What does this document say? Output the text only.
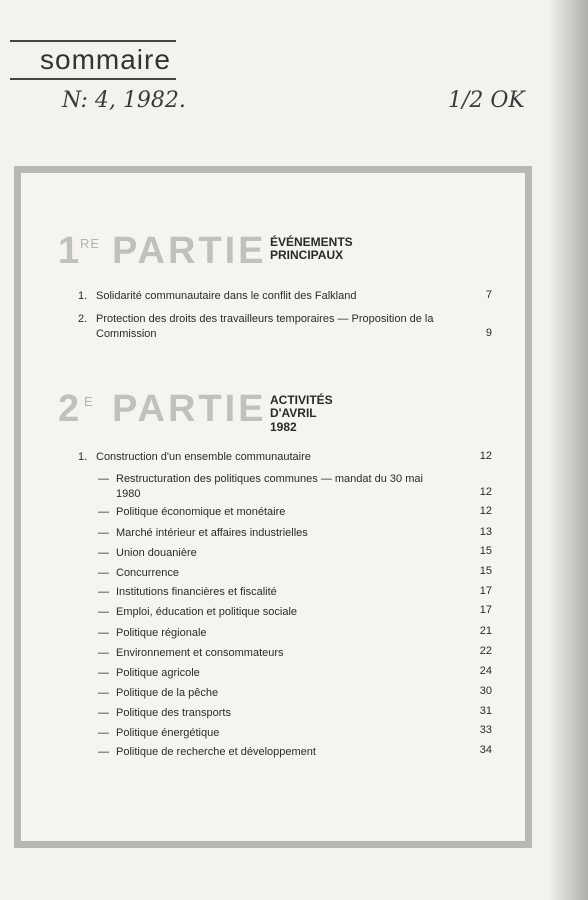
sommaire
N: 4, 1982.	1/2 OK
1 RE PARTIE ÉVÉNEMENTS
PRINCIPAUX
1. Solidarité communautaire dans le conflit des Falkland	7
2. Protection des droits des travailleurs temporaires — Proposition de la Commission	9
2 E PARTIE ACTIVITÉS
D'AVRIL 1982
1. Construction d'un ensemble communautaire	12
— Restructuration des politiques communes — mandat du 30 mai 1980	12
— Politique économique et monétaire	12
— Marché intérieur et affaires industrielles	13
— Union douanière	15
— Concurrence	15
— Institutions financières et fiscalité	17
— Emploi, éducation et politique sociale	17
— Politique régionale	21
— Environnement et consommateurs	22
— Politique agricole	24
— Politique de la pêche	30
— Politique des transports	31
— Politique énergétique	33
— Politique de recherche et développement	34
